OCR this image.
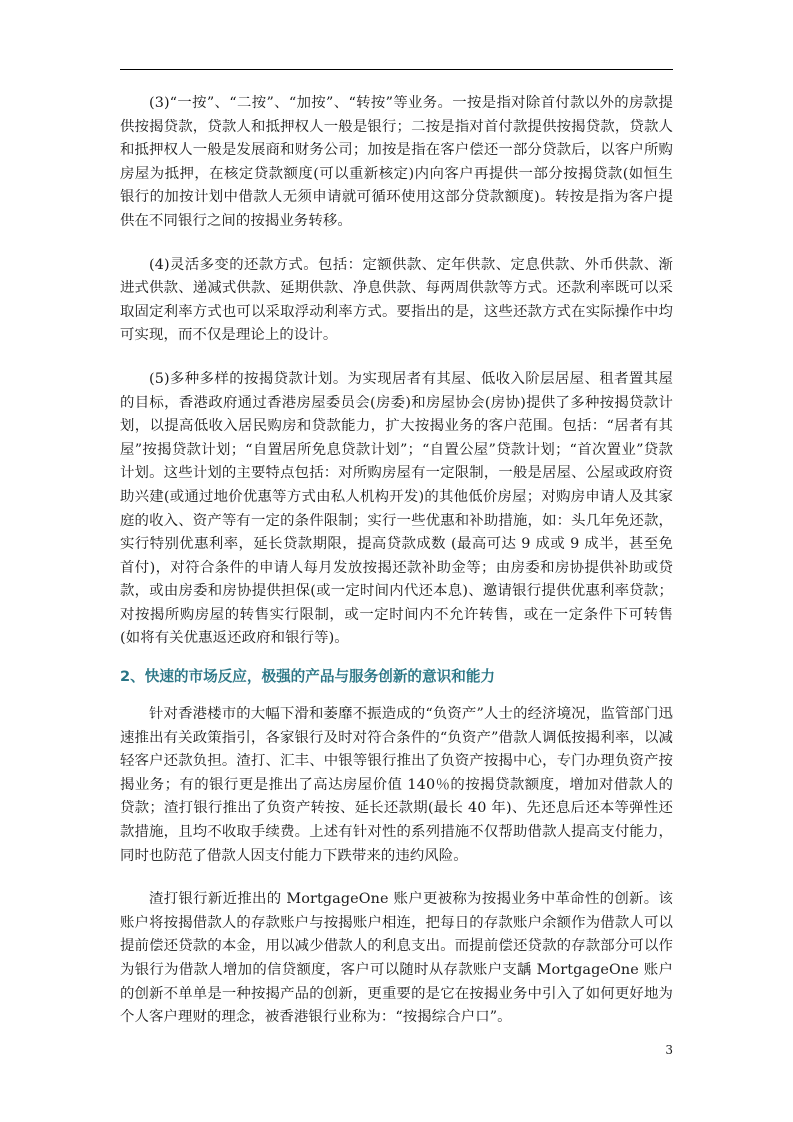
(3)“一按”、“二按”、“加按”、“转按”等业务。一按是指对除首付款以外的房款提供按揭贷款，贷款人和抵押权人一般是银行；二按是指对首付款提供按揭贷款，贷款人和抵押权人一般是发展商和财务公司；加按是指在客户偿还一部分贷款后，以客户所购房屋为抵押，在核定贷款额度(可以重新核定)内向客户再提供一部分按揭贷款(如恒生银行的加按计划中借款人无须申请就可循环使用这部分贷款额度)。转按是指为客户提供在不同银行之间的按揭业务转移。

(4)灵活多变的还款方式。包括：定额供款、定年供款、定息供款、外币供款、渐进式供款、递减式供款、延期供款、净息供款、每两周供款等方式。还款利率既可以采取固定利率方式也可以采取浮动利率方式。要指出的是，这些还款方式在实际操作中均可实现，而不仅是理论上的设计。

(5)多种多样的按揭贷款计划。为实现居者有其屋、低收入阶层居屋、租者置其屋的目标，香港政府通过香港房屋委员会(房委)和房屋协会(房协)提供了多种按揭贷款计划，以提高低收入居民购房和贷款能力，扩大按揭业务的客户范围。包括：“居者有其屋”按揭贷款计划；“自置居所免息贷款计划”；“自置公屋”贷款计划；“首次置业”贷款计划。这些计划的主要特点包括：对所购房屋有一定限制，一般是居屋、公屋或政府资助兴建(或通过地价优惠等方式由私人机构开发)的其他低价房屋；对购房申请人及其家庭的收入、资产等有一定的条件限制；实行一些优惠和补助措施，如：头几年免还款，实行特别优惠利率，延长贷款期限，提高贷款成数 (最高可达 9 成或 9 成半，甚至免首付)，对符合条件的申请人每月发放按揭还款补助金等；由房委和房协提供补助或贷款，或由房委和房协提供担保(或一定时间内代还本息)、邀请银行提供优惠利率贷款；对按揭所购房屋的转售实行限制，或一定时间内不允许转售，或在一定条件下可转售(如将有关优惠返还政府和银行等)。

2、快速的市场反应，极强的产品与服务创新的意识和能力

针对香港楼市的大幅下滑和萎靡不振造成的“负资产”人士的经济境况，监管部门迅速推出有关政策指引，各家银行及时对符合条件的“负资产”借款人调低按揭利率，以减轻客户还款负担。渣打、汇丰、中银等银行推出了负资产按揭中心，专门办理负资产按揭业务；有的银行更是推出了高达房屋价值 140％的按揭贷款额度，增加对借款人的贷款；渣打银行推出了负资产转按、延长还款期(最长 40 年)、先还息后还本等弹性还款措施，且均不收取手续费。上述有针对性的系列措施不仅帮助借款人提高支付能力，同时也防范了借款人因支付能力下跌带来的违约风险。

渣打银行新近推出的 MortgageOne 账户更被称为按揭业务中革命性的创新。该账户将按揭借款人的存款账户与按揭账户相连，把每日的存款账户余额作为借款人可以提前偿还贷款的本金，用以减少借款人的利息支出。而提前偿还贷款的存款部分可以作为银行为借款人增加的信贷额度，客户可以随时从存款账户支龋 MortgageOne 账户的创新不单单是一种按揭产品的创新，更重要的是它在按揭业务中引入了如何更好地为个人客户理财的理念，被香港银行业称为：“按揭综合户口”。

3
